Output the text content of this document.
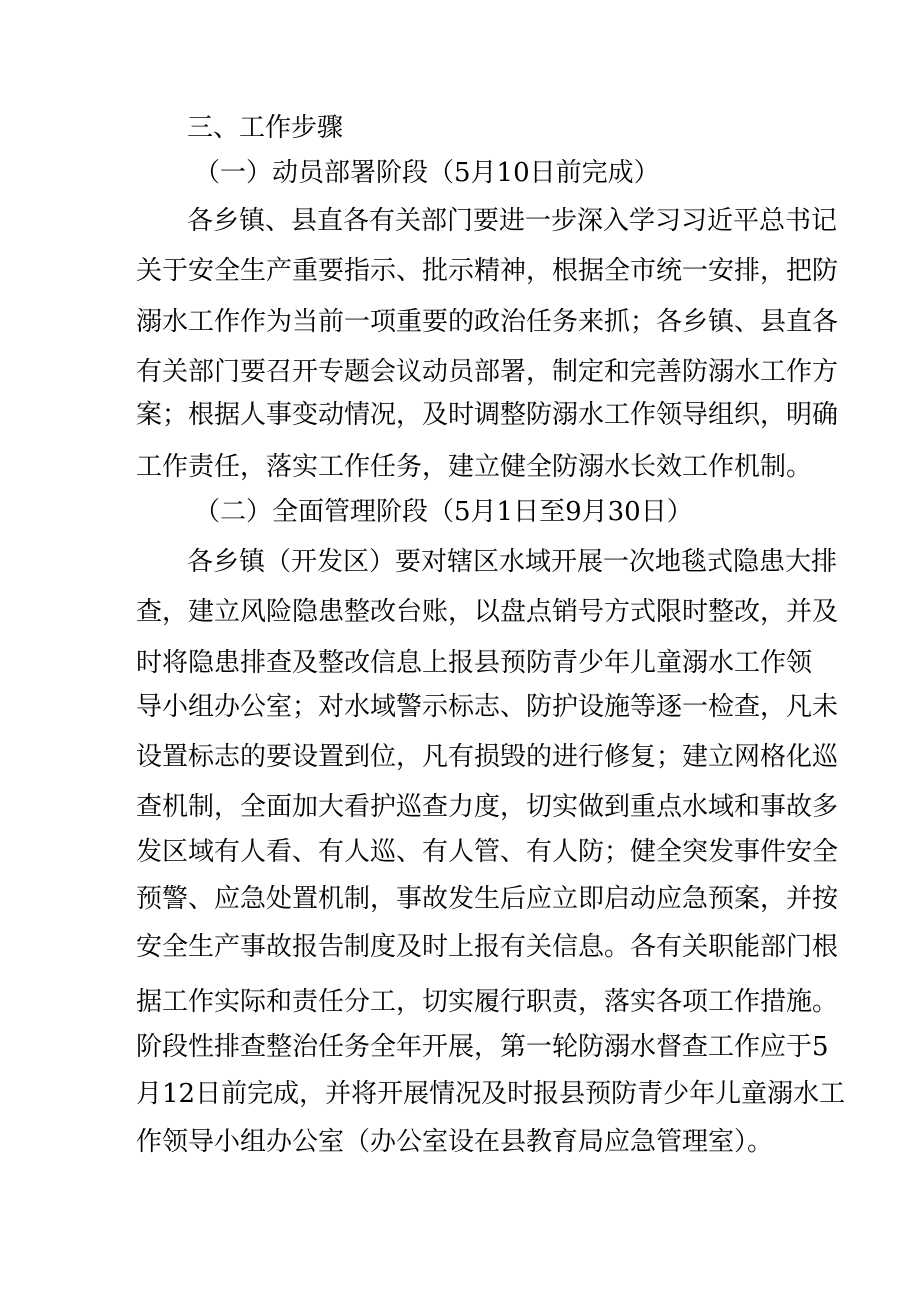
三、工作步骤

（一）动员部署阶段（5月10日前完成）

各乡镇、县直各有关部门要进一步深入学习习近平总书记

关于安全生产重要指示、批示精神，根据全市统一安排，把防

溺水工作作为当前一项重要的政治任务来抓；各乡镇、县直各

有关部门要召开专题会议动员部署，制定和完善防溺水工作方

案；根据人事变动情况，及时调整防溺水工作领导组织，明确

工作责任，落实工作任务，建立健全防溺水长效工作机制。

（二）全面管理阶段（5月1日至9月30日）

各乡镇（开发区）要对辖区水域开展一次地毯式隐患大排

查，建立风险隐患整改台账，以盘点销号方式限时整改，并及

时将隐患排查及整改信息上报县预防青少年儿童溺水工作领

导小组办公室；对水域警示标志、防护设施等逐一检查，凡未

设置标志的要设置到位，凡有损毁的进行修复；建立网格化巡

查机制，全面加大看护巡查力度，切实做到重点水域和事故多

发区域有人看、有人巡、有人管、有人防；健全突发事件安全

预警、应急处置机制，事故发生后应立即启动应急预案，并按

安全生产事故报告制度及时上报有关信息。各有关职能部门根

据工作实际和责任分工，切实履行职责，落实各项工作措施。

阶段性排查整治任务全年开展，第一轮防溺水督查工作应于5

月12日前完成，并将开展情况及时报县预防青少年儿童溺水工

作领导小组办公室（办公室设在县教育局应急管理室）。
